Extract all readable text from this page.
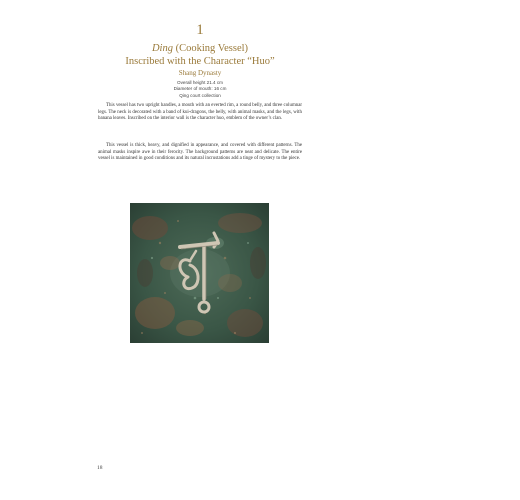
1
Ding (Cooking Vessel)
Inscribed with the Character “Huo”
Shang Dynasty
Overall height 21.4 cm
Diameter of mouth: 16 cm
Qing court collection

This vessel has two upright handles, a mouth with an everted rim, a round belly, and three columnar legs. The neck is decorated with a band of kui-dragons, the belly, with animal masks, and the legs, with banana leaves. Inscribed on the interior wall is the character huo, emblem of the owner’s clan.

This vessel is thick, heavy, and dignified in appearance, and covered with different patterns. The animal masks inspire awe in their ferocity. The background patterns are neat and delicate. The entire vessel is maintained in good conditions and its natural incrustations add a tinge of mystery to the piece.

18
